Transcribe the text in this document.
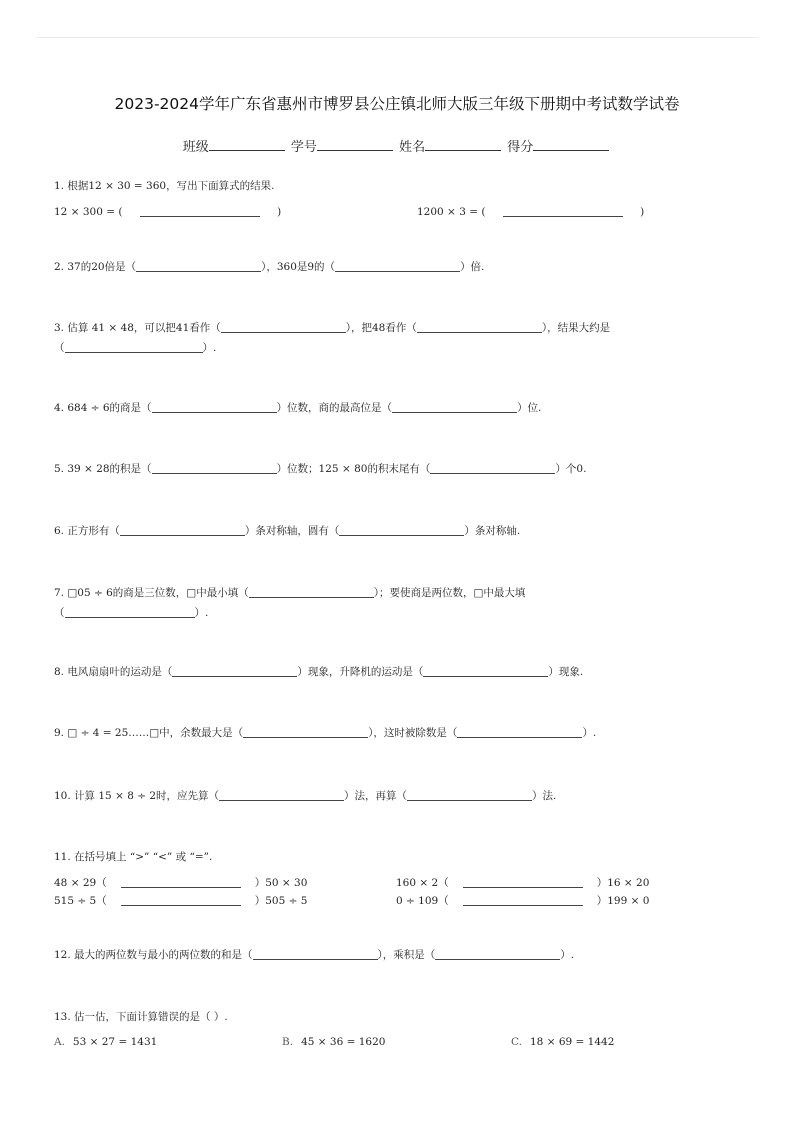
2023-2024学年广东省惠州市博罗县公庄镇北师大版三年级下册期中考试数学试卷
班级	学号	姓名	得分
1. 根据12 × 30 = 360，写出下面算式的结果.
12 × 300 = (	)	1200 × 3 = (	)
2. 37的20倍是（	），360是9的（	）倍.
3. 估算 41 × 48，可以把41看作（	），把48看作（	），结果大约是
（	）.
4. 684 ÷ 6的商是（	）位数，商的最高位是（	）位.
5. 39 × 28的积是（	）位数；125 × 80的积末尾有（	）个0.
6. 正方形有（	）条对称轴，圆有（	）条对称轴.
7. □05 ÷ 6的商是三位数，□中最小填（	）；要使商是两位数，□中最大填
（	）.
8. 电风扇扇叶的运动是（	）现象，升降机的运动是（	）现象.
9. □ ÷ 4 = 25……□中，余数最大是（	），这时被除数是（	）.
10. 计算 15 × 8 ÷ 2时，应先算（	）法，再算（	）法.
11. 在括号填上 “>” “<” 或 “=”.
48 × 29（	）50 × 30	160 × 2（	）16 × 20
515 ÷ 5（	）505 ÷ 5	0 ÷ 109（	）199 × 0
12. 最大的两位数与最小的两位数的和是（	），乘积是（	）.
13. 估一估，下面计算错误的是（ ）.
A. 53 × 27 = 1431	B. 45 × 36 = 1620	C. 18 × 69 = 1442
